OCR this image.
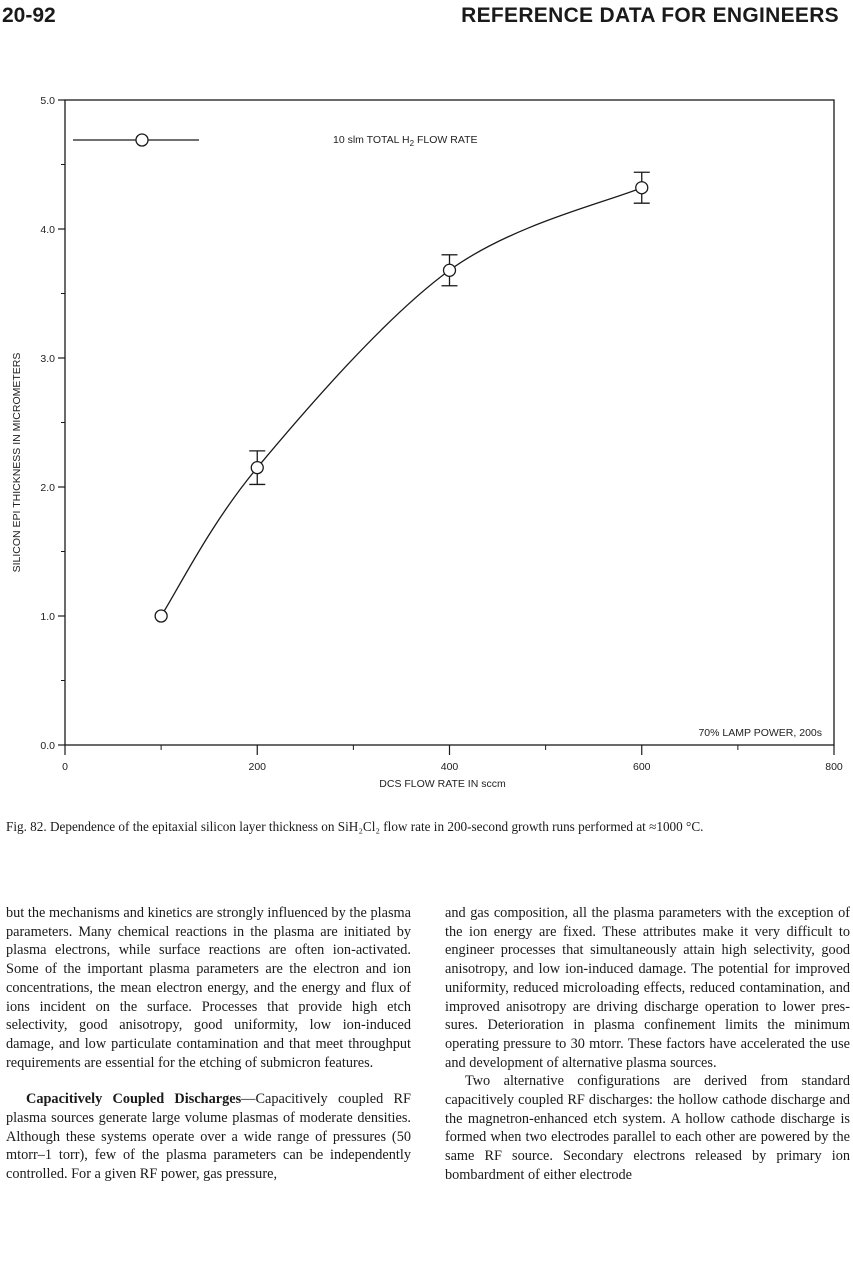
20-92	REFERENCE DATA FOR ENGINEERS
0.0
1.0
2.0
3.0
4.0
5.0
0	200	400	600	800
SILICON EPI THICKNESS IN MICROMETERS
DCS FLOW RATE IN sccm
10 slm TOTAL $H_2$ FLOW RATE
70% LAMP POWER, 200s
Fig. 82. Dependence of the epitaxial silicon layer thickness on SiH₂Cl₂ flow rate in 200-second growth runs performed at ≈1000 °C.

but the mechanisms and kinetics are strongly influenced by the plasma parameters. Many chemical reactions in the plasma are initiated by plasma electrons, while surface reactions are often ion-activated. Some of the important plasma parameters are the electron and ion concentrations, the mean electron energy, and the energy and flux of ions incident on the surface. Processes that provide high etch selectivity, good anisotropy, good uniformity, low ion-induced damage, and low particulate contamination and that meet throughput requirements are essential for the etching of submicron features.

Capacitively Coupled Discharges—Capacitively coupled RF plasma sources generate large volume plasmas of moderate densities. Although these systems operate over a wide range of pressures (50 mtorr–1 torr), few of the plasma parameters can be independently controlled. For a given RF power, gas pressure,

and gas composition, all the plasma parameters with the exception of the ion energy are fixed. These attributes make it very difficult to engineer processes that simultaneously attain high selectivity, good anisotropy, and low ion-induced damage. The potential for improved uniformity, reduced microloading effects, reduced contamination, and improved anisotropy are driving discharge operation to lower pressures. Deterioration in plasma confinement limits the minimum operating pressure to 30 mtorr. These factors have accelerated the use and development of alternative plasma sources.

Two alternative configurations are derived from standard capacitively coupled RF discharges: the hollow cathode discharge and the magnetron-enhanced etch system. A hollow cathode discharge is formed when two electrodes parallel to each other are powered by the same RF source. Secondary electrons released by primary ion bombardment of either electrode
